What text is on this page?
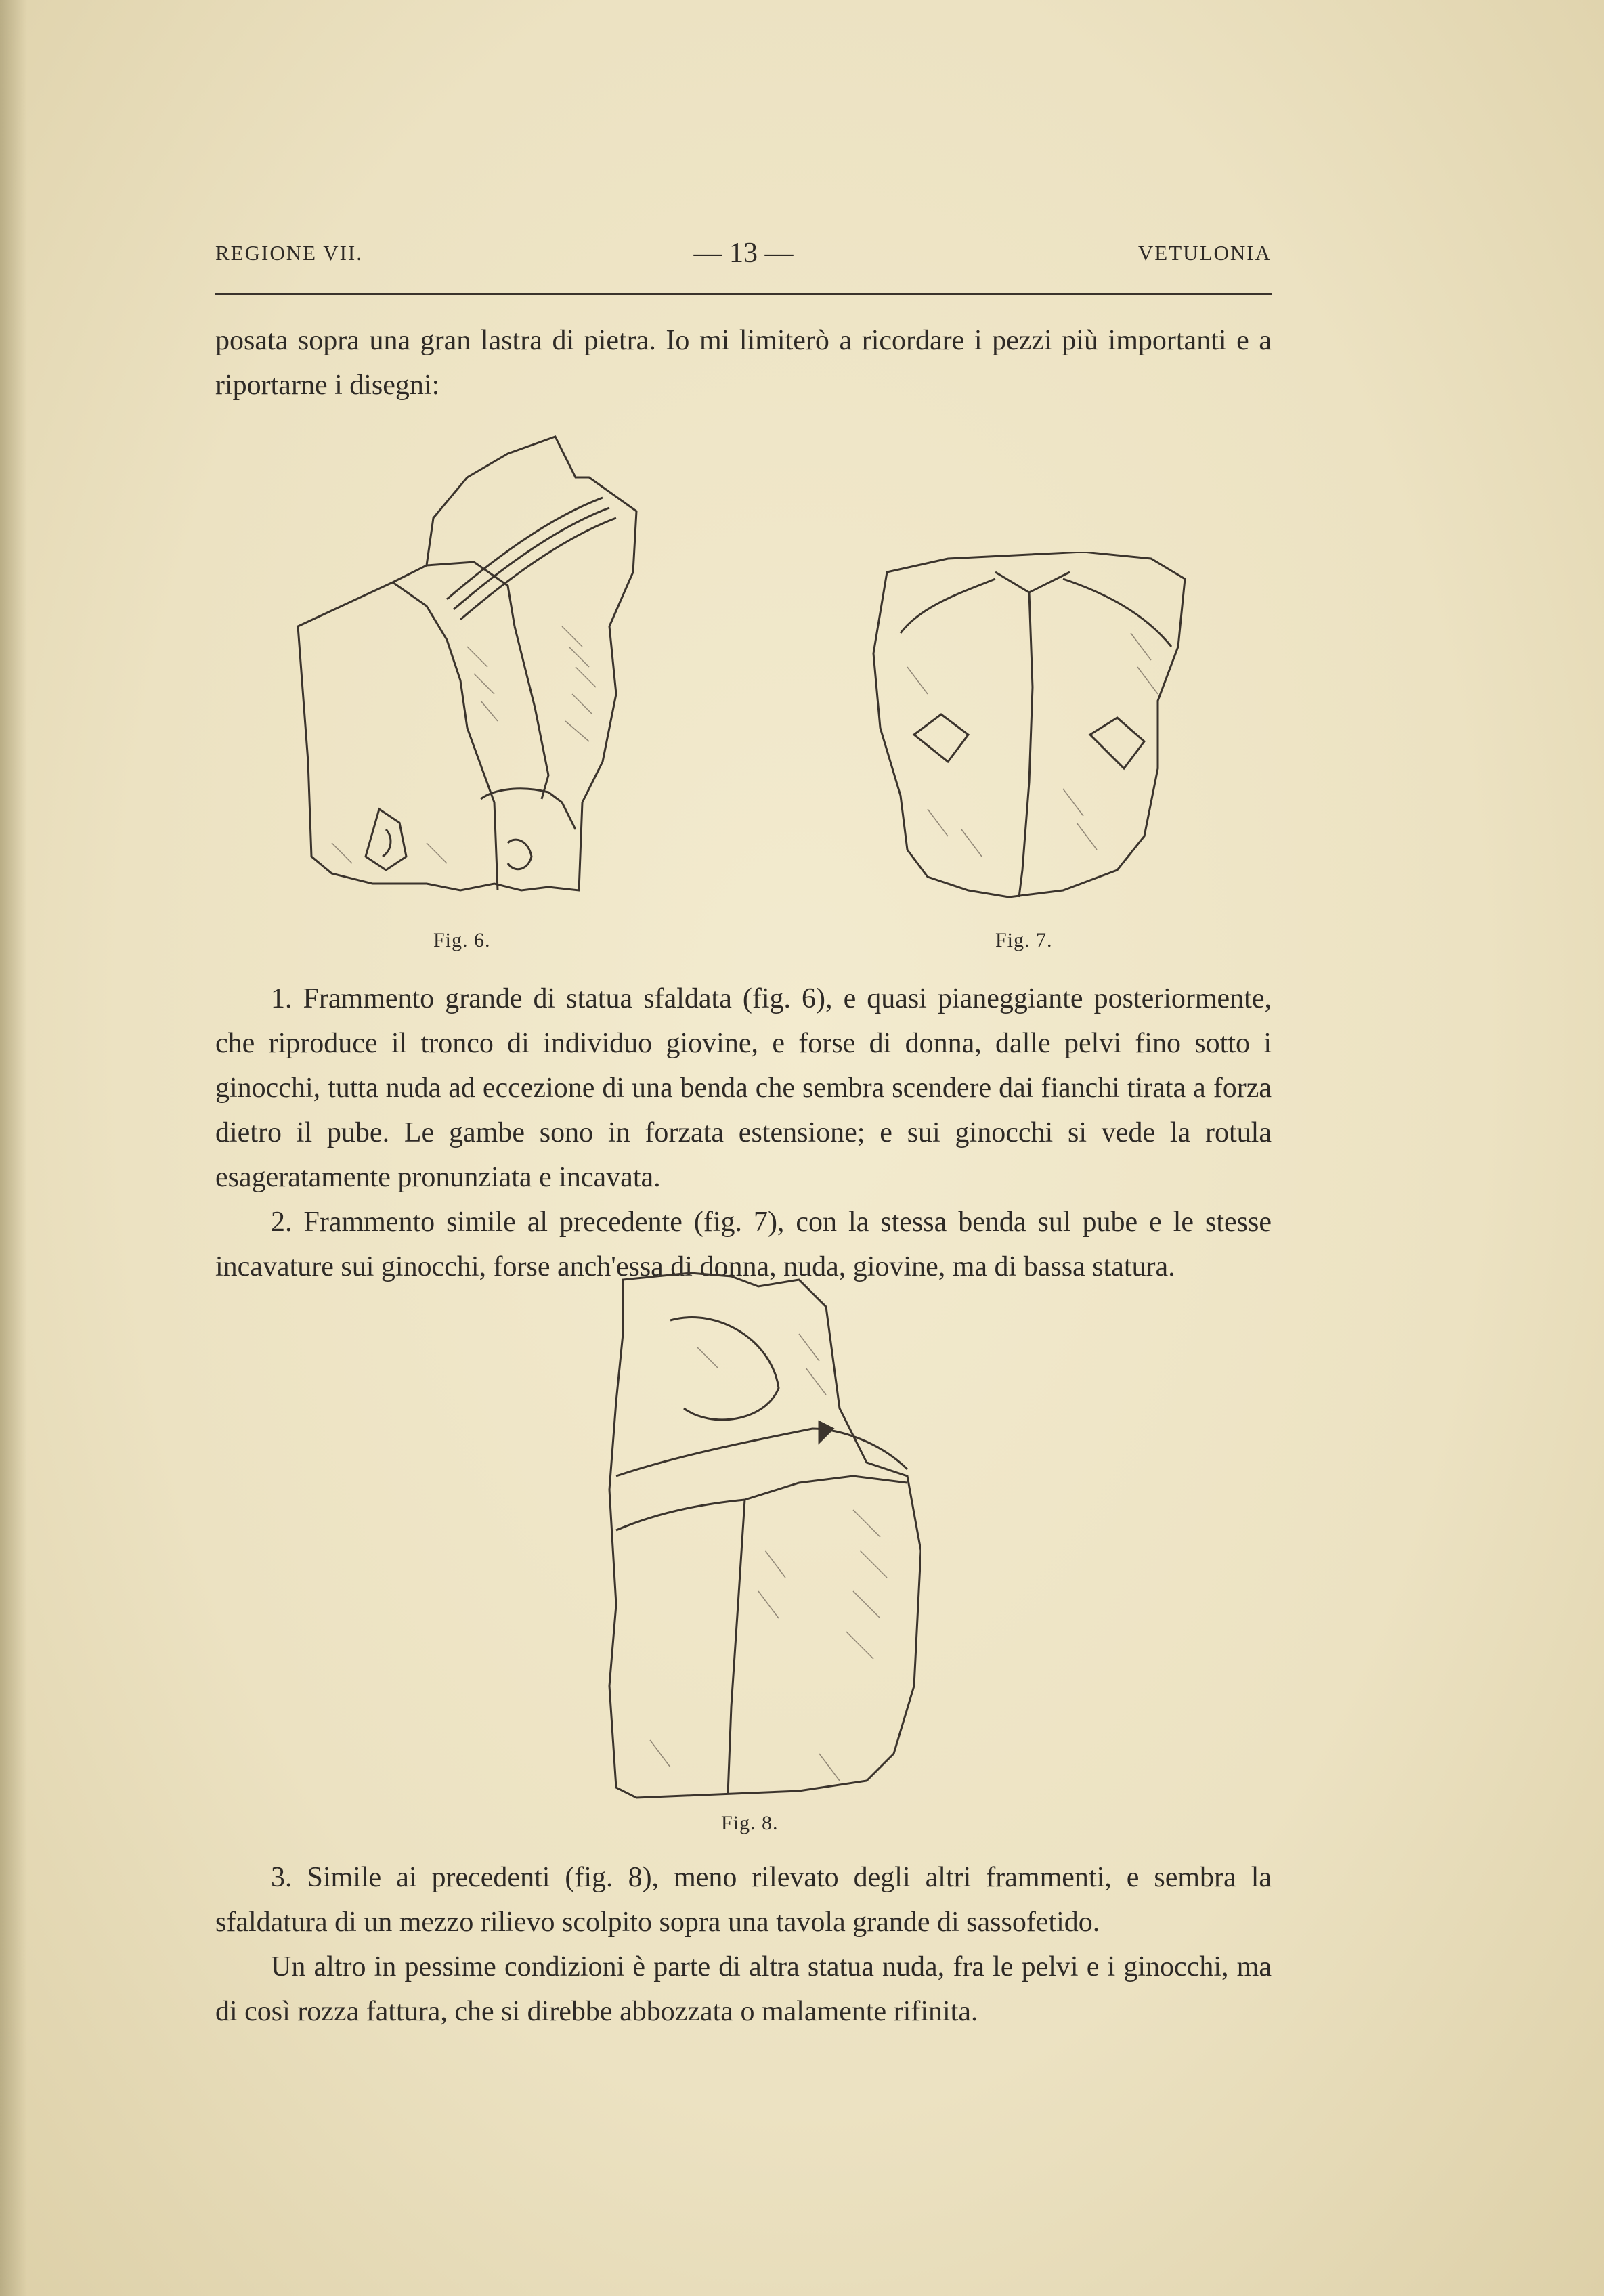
REGIONE VII.	— 13 —	VETULONIA

posata sopra una gran lastra di pietra. Io mi limiterò a ricordare i pezzi più importanti e a riportarne i disegni:

Fig. 6.	Fig. 7.

1. Frammento grande di statua sfaldata (fig. 6), e quasi pianeggiante posteriormente, che riproduce il tronco di individuo giovine, e forse di donna, dalle pelvi fino sotto i ginocchi, tutta nuda ad eccezione di una benda che sembra scendere dai fianchi tirata a forza dietro il pube. Le gambe sono in forzata estensione; e sui ginocchi si vede la rotula esageratamente pronunziata e incavata.

2. Frammento simile al precedente (fig. 7), con la stessa benda sul pube e le stesse incavature sui ginocchi, forse anch'essa di donna, nuda, giovine, ma di bassa statura.

Fig. 8.

3. Simile ai precedenti (fig. 8), meno rilevato degli altri frammenti, e sembra la sfaldatura di un mezzo rilievo scolpito sopra una tavola grande di sassofetido.

Un altro in pessime condizioni è parte di altra statua nuda, fra le pelvi e i ginocchi, ma di così rozza fattura, che si direbbe abbozzata o malamente rifinita.
